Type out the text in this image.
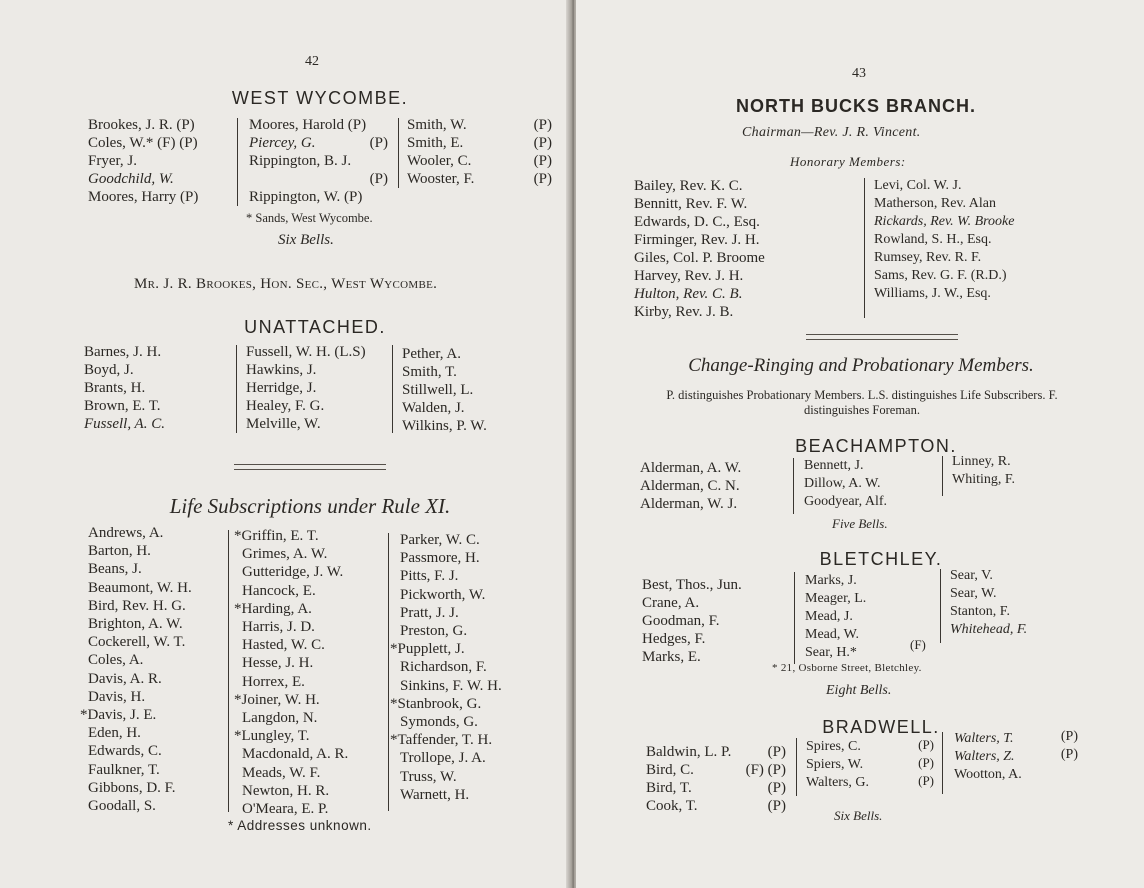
42
WEST WYCOMBE.
Brookes, J. R. (P)
Coles, W.* (F) (P)
Fryer, J.
Goodchild, W.
Moores, Harry (P)
Moores, Harold (P)
Piercey, G.
Rippington, B. J.

Rippington, W. (P)
(P)

(P)
Smith, W.
Smith, E.
Wooler, C.
Wooster, F.
(P)
(P)
(P)
(P)
* Sands, West Wycombe.
Six Bells.
Mr. J. R. Brookes, Hon. Sec., West Wycombe.
UNATTACHED.
Barnes, J. H.
Boyd, J.
Brants, H.
Brown, E. T.
Fussell, A. C.
Fussell, W. H. (L.S)
Hawkins, J.
Herridge, J.
Healey, F. G.
Melville, W.
Pether, A.
Smith, T.
Stillwell, L.
Walden, J.
Wilkins, P. W.
Life Subscriptions under Rule XI.
Andrews, A.
Barton, H.
Beans, J.
Beaumont, W. H.
Bird, Rev. H. G.
Brighton, A. W.
Cockerell, W. T.
Coles, A.
Davis, A. R.
Davis, H.
*Davis, J. E.
Eden, H.
Edwards, C.
Faulkner, T.
Gibbons, D. F.
Goodall, S.
*Griffin, E. T.
Grimes, A. W.
Gutteridge, J. W.
Hancock, E.
*Harding, A.
Harris, J. D.
Hasted, W. C.
Hesse, J. H.
Horrex, E.
*Joiner, W. H.
Langdon, N.
*Lungley, T.
Macdonald, A. R.
Meads, W. F.
Newton, H. R.
O'Meara, E. P.
Parker, W. C.
Passmore, H.
Pitts, F. J.
Pickworth, W.
Pratt, J. J.
Preston, G.
*Pupplett, J.
Richardson, F.
Sinkins, F. W. H.
*Stanbrook, G.
Symonds, G.
*Taffender, T. H.
Trollope, J. A.
Truss, W.
Warnett, H.
* Addresses unknown.
43
NORTH BUCKS BRANCH.
Chairman—Rev. J. R. Vincent.
Honorary Members:
Bailey, Rev. K. C.
Bennitt, Rev. F. W.
Edwards, D. C., Esq.
Firminger, Rev. J. H.
Giles, Col. P. Broome
Harvey, Rev. J. H.
Hulton, Rev. C. B.
Kirby, Rev. J. B.
Levi, Col. W. J.
Matherson, Rev. Alan
Rickards, Rev. W. Brooke
Rowland, S. H., Esq.
Rumsey, Rev. R. F.
Sams, Rev. G. F. (R.D.)
Williams, J. W., Esq.
Change-Ringing and Probationary Members.
P. distinguishes Probationary Members. L.S. distinguishes Life Subscribers. F. distinguishes Foreman.
BEACHAMPTON.
Alderman, A. W.
Alderman, C. N.
Alderman, W. J.
Bennett, J.
Dillow, A. W.
Goodyear, Alf.
Linney, R.
Whiting, F.
Five Bells.
BLETCHLEY.
Best, Thos., Jun.
Crane, A.
Goodman, F.
Hedges, F.
Marks, E.
Marks, J.
Meager, L.
Mead, J.
Mead, W.
Sear, H.*
(F)
Sear, V.
Sear, W.
Stanton, F.
Whitehead, F.
* 21, Osborne Street, Bletchley.
Eight Bells.
BRADWELL.
Baldwin, L. P.
Bird, C.
Bird, T.
Cook, T.
(P)
(F) (P)
(P)
(P)
Spires, C.
Spiers, W.
Walters, G.
(P)
(P)
(P)
Walters, T.
Walters, Z.
Wootton, A.
(P)
(P)

Six Bells.
